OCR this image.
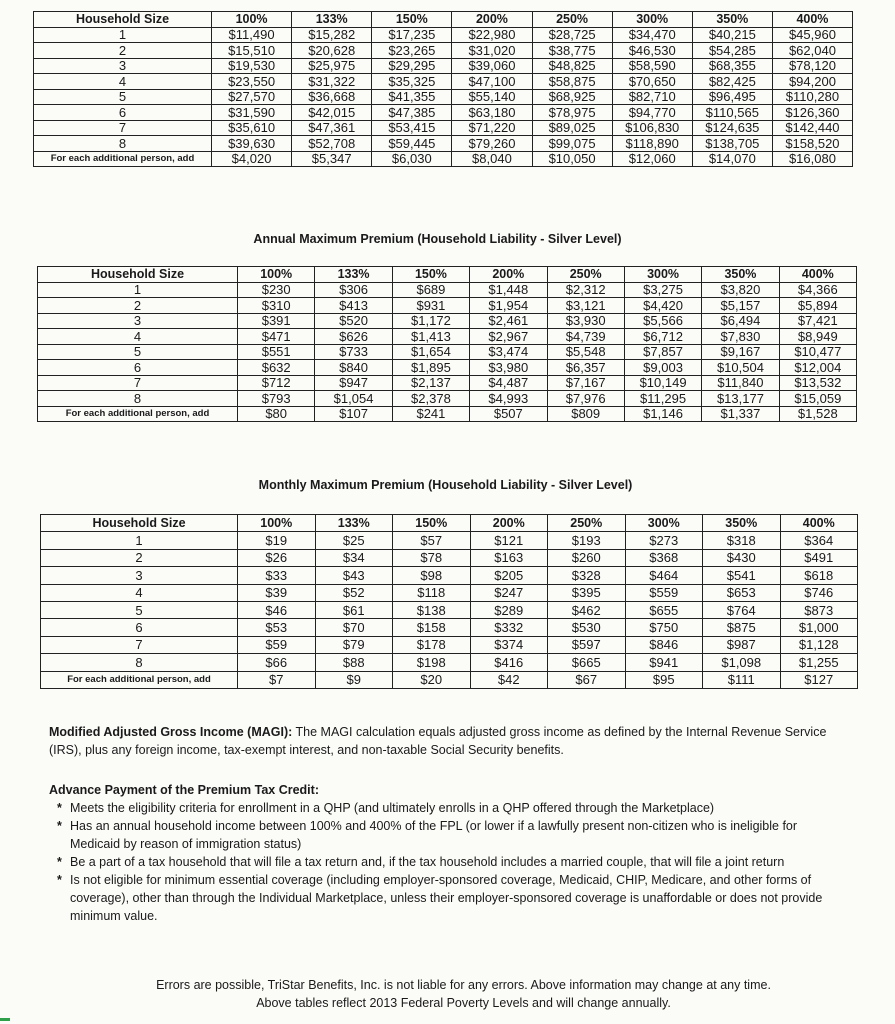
Household Size	100%	133%	150%	200%	250%	300%	350%	400%
1	$11,490	$15,282	$17,235	$22,980	$28,725	$34,470	$40,215	$45,960
2	$15,510	$20,628	$23,265	$31,020	$38,775	$46,530	$54,285	$62,040
3	$19,530	$25,975	$29,295	$39,060	$48,825	$58,590	$68,355	$78,120
4	$23,550	$31,322	$35,325	$47,100	$58,875	$70,650	$82,425	$94,200
5	$27,570	$36,668	$41,355	$55,140	$68,925	$82,710	$96,495	$110,280
6	$31,590	$42,015	$47,385	$63,180	$78,975	$94,770	$110,565	$126,360
7	$35,610	$47,361	$53,415	$71,220	$89,025	$106,830	$124,635	$142,440
8	$39,630	$52,708	$59,445	$79,260	$99,075	$118,890	$138,705	$158,520
For each additional person, add	$4,020	$5,347	$6,030	$8,040	$10,050	$12,060	$14,070	$16,080
Annual Maximum Premium (Household Liability - Silver Level)
Household Size	100%	133%	150%	200%	250%	300%	350%	400%
1	$230	$306	$689	$1,448	$2,312	$3,275	$3,820	$4,366
2	$310	$413	$931	$1,954	$3,121	$4,420	$5,157	$5,894
3	$391	$520	$1,172	$2,461	$3,930	$5,566	$6,494	$7,421
4	$471	$626	$1,413	$2,967	$4,739	$6,712	$7,830	$8,949
5	$551	$733	$1,654	$3,474	$5,548	$7,857	$9,167	$10,477
6	$632	$840	$1,895	$3,980	$6,357	$9,003	$10,504	$12,004
7	$712	$947	$2,137	$4,487	$7,167	$10,149	$11,840	$13,532
8	$793	$1,054	$2,378	$4,993	$7,976	$11,295	$13,177	$15,059
For each additional person, add	$80	$107	$241	$507	$809	$1,146	$1,337	$1,528
Monthly Maximum Premium (Household Liability - Silver Level)
Household Size	100%	133%	150%	200%	250%	300%	350%	400%
1	$19	$25	$57	$121	$193	$273	$318	$364
2	$26	$34	$78	$163	$260	$368	$430	$491
3	$33	$43	$98	$205	$328	$464	$541	$618
4	$39	$52	$118	$247	$395	$559	$653	$746
5	$46	$61	$138	$289	$462	$655	$764	$873
6	$53	$70	$158	$332	$530	$750	$875	$1,000
7	$59	$79	$178	$374	$597	$846	$987	$1,128
8	$66	$88	$198	$416	$665	$941	$1,098	$1,255
For each additional person, add	$7	$9	$20	$42	$67	$95	$111	$127
Modified Adjusted Gross Income (MAGI): The MAGI calculation equals adjusted gross income as defined by the Internal Revenue Service (IRS), plus any foreign income, tax-exempt interest, and non-taxable Social Security benefits.
Advance Payment of the Premium Tax Credit:
* Meets the eligibility criteria for enrollment in a QHP (and ultimately enrolls in a QHP offered through the Marketplace)
* Has an annual household income between 100% and 400% of the FPL (or lower if a lawfully present non-citizen who is ineligible for Medicaid by reason of immigration status)
* Be a part of a tax household that will file a tax return and, if the tax household includes a married couple, that will file a joint return
* Is not eligible for minimum essential coverage (including employer-sponsored coverage, Medicaid, CHIP, Medicare, and other forms of coverage), other than through the Individual Marketplace, unless their employer-sponsored coverage is unaffordable or does not provide minimum value.
Errors are possible, TriStar Benefits, Inc. is not liable for any errors. Above information may change at any time.
Above tables reflect 2013 Federal Poverty Levels and will change annually.
